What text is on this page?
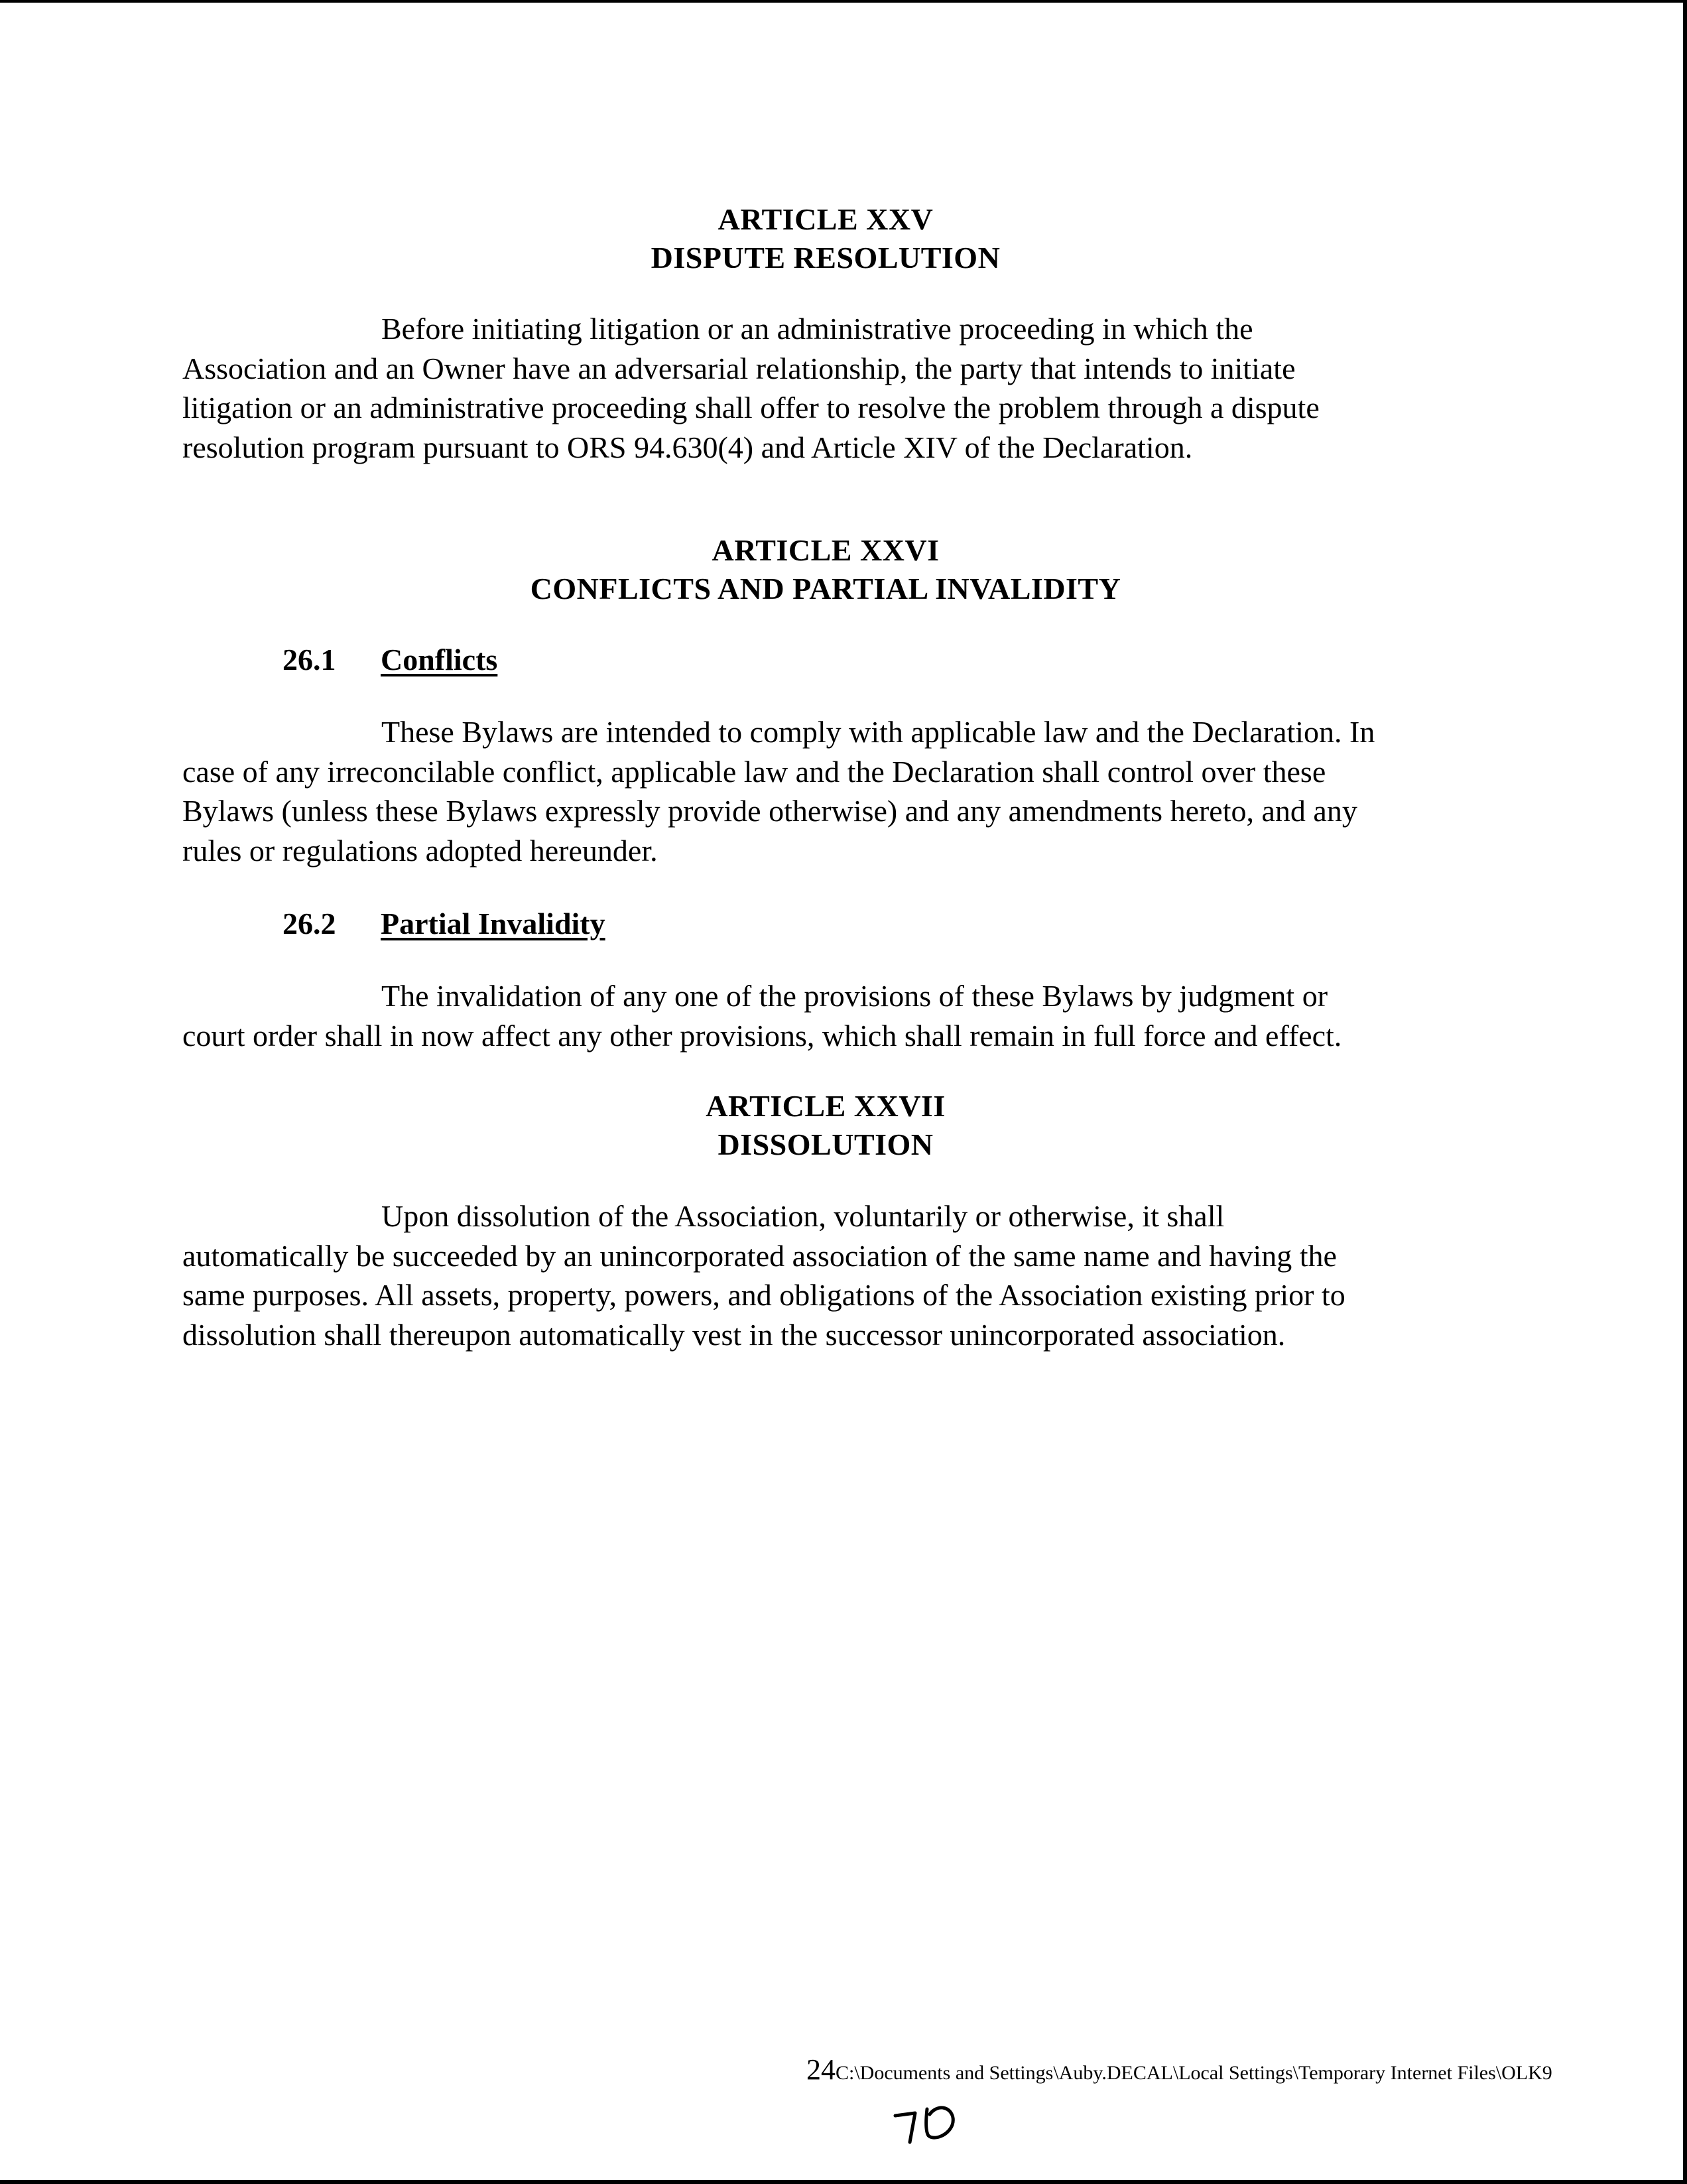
ARTICLE XXV
DISPUTE RESOLUTION

Before initiating litigation or an administrative proceeding in which the
Association and an Owner have an adversarial relationship, the party that intends to initiate
litigation or an administrative proceeding shall offer to resolve the problem through a dispute
resolution program pursuant to ORS 94.630(4) and Article XIV of the Declaration.

ARTICLE XXVI
CONFLICTS AND PARTIAL INVALIDITY
26.1 Conflicts

These Bylaws are intended to comply with applicable law and the Declaration. In
case of any irreconcilable conflict, applicable law and the Declaration shall control over these
Bylaws (unless these Bylaws expressly provide otherwise) and any amendments hereto, and any
rules or regulations adopted hereunder.

26.2 Partial Invalidity

The invalidation of any one of the provisions of these Bylaws by judgment or
court order shall in now affect any other provisions, which shall remain in full force and effect.

ARTICLE XXVII
DISSOLUTION

Upon dissolution of the Association, voluntarily or otherwise, it shall
automatically be succeeded by an unincorporated association of the same name and having the
same purposes. All assets, property, powers, and obligations of the Association existing prior to
dissolution shall thereupon automatically vest in the successor unincorporated association.

24C:\Documents and Settings\Auby.DECAL\Local Settings\Temporary Internet Files\OLK9
